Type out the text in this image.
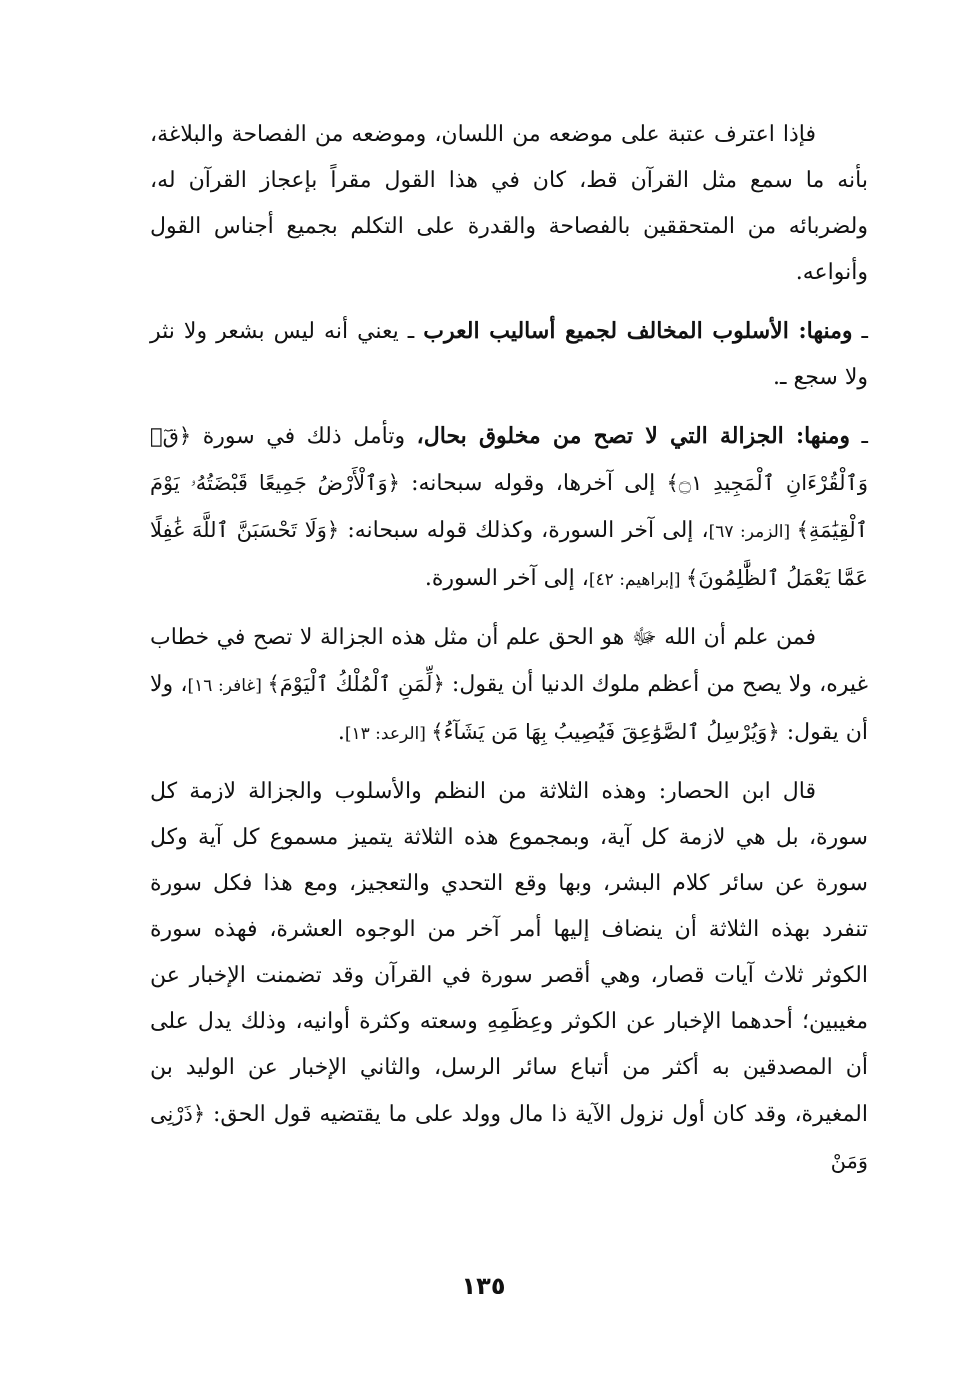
فإذا اعترف عتبة على موضعه من اللسان، وموضعه من الفصاحة والبلاغة، بأنه ما سمع مثل القرآن قط، كان في هذا القول مقراً بإعجاز القرآن له، ولضربائه من المتحققين بالفصاحة والقدرة على التكلم بجميع أجناس القول وأنواعه.

ـ ومنها: الأسلوب المخالف لجميع أساليب العرب ـ يعني أنه ليس بشعر ولا نثر ولا سجع ـ.

ـ ومنها: الجزالة التي لا تصح من مخلوق بحال، وتأمل ذلك في سورة ﴿قٓۚ وَٱلْقُرْءَانِ ٱلْمَجِيدِ ۝١﴾ إلى آخرها، وقوله سبحانه: ﴿وَٱلْأَرْضُ جَمِيعًا قَبْضَتُهُۥ يَوْمَ ٱلْقِيَٰمَةِ﴾ [الزمر: ٦٧]، إلى آخر السورة، وكذلك قوله سبحانه: ﴿وَلَا تَحْسَبَنَّ ٱللَّهَ غَٰفِلًا عَمَّا يَعْمَلُ ٱلظَّٰلِمُونَ﴾ [إبراهيم: ٤٢]، إلى آخر السورة.

فمن علم أن الله ﷻ هو الحق علم أن مثل هذه الجزالة لا تصح في خطاب غيره، ولا يصح من أعظم ملوك الدنيا أن يقول: ﴿لِّمَنِ ٱلْمُلْكُ ٱلْيَوْمَ﴾ [غافر: ١٦]، ولا أن يقول: ﴿وَيُرْسِلُ ٱلصَّوَٰعِقَ فَيُصِيبُ بِهَا مَن يَشَآءُ﴾ [الرعد: ١٣].

قال ابن الحصار: وهذه الثلاثة من النظم والأسلوب والجزالة لازمة كل سورة، بل هي لازمة كل آية، وبمجموع هذه الثلاثة يتميز مسموع كل آية وكل سورة عن سائر كلام البشر، وبها وقع التحدي والتعجيز، ومع هذا فكل سورة تنفرد بهذه الثلاثة أن ينضاف إليها أمر آخر من الوجوه العشرة، فهذه سورة الكوثر ثلاث آيات قصار، وهي أقصر سورة في القرآن وقد تضمنت الإخبار عن مغيبين؛ أحدهما الإخبار عن الكوثر وعِظَمِهِ وسعته وكثرة أوانيه، وذلك يدل على أن المصدقين به أكثر من أتباع سائر الرسل، والثاني الإخبار عن الوليد بن المغيرة، وقد كان أول نزول الآية ذا مال وولد على ما يقتضيه قول الحق: ﴿ذَرْنِى وَمَنْ

١٣٥
